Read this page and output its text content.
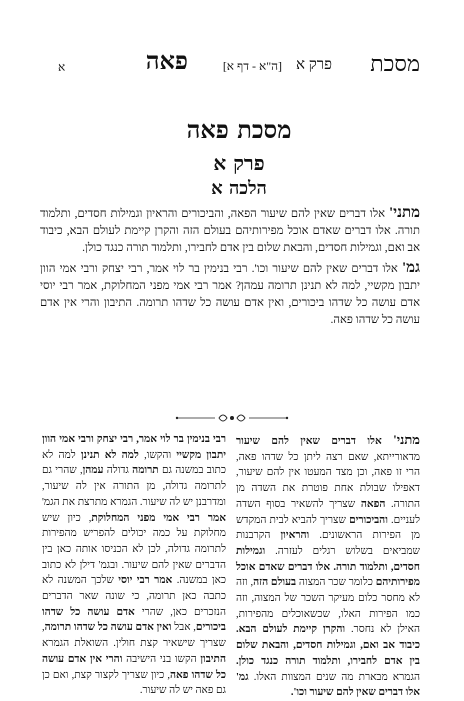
מסכת
פרק א
[ה"א - דף א]
פאה
א
מסכת פאה
פרק א
הלכה א

מתני' אלו דברים שאין להם שיעור הפאה, והביכורים והראיון וגמילות חסדים, ותלמוד תורה. אלו דברים שאדם אוכל מפירותיהם בעולם הזה והקרן קיימת לעולם הבא, כיבוד אב ואם, וגמילות חסדים, והבאת שלום בין אדם לחבירו, ותלמוד תורה כנגד כולן.

גמ' אלו דברים שאין להם שיעור וכו'. רבי בנימין בר לוי אמר, רבי יצחק ורבי אמי הוון יתבון מקשיי, למה לא תנינן תרומה עמהן? אמר רבי אמי מפני המחלוקת, אמר רבי יוסי אדם עושה כל שדהו ביכורים, ואין אדם עושה כל שדהו תרומה. התיבון והרי אין אדם עושה כל שדהו פאה.

מתני' אלו דברים שאין להם שיעור מדאורייתא, שאם רצה ליתן כל שדהו פאה, הרי זו פאה, וכן מצד המעטו אין להם שיעור, דאפילו שבולת אחת פוטרת את השדה מן התורה. הפאה שצריך להשאיר בסוף השדה לעניים. והביכורים שצריך להביא לבית המקדש מן הפירות הראשונים. והראיון הקרבנות שמביאים בשלוש רגלים לעזרה. וגמילות חסדים, ותלמוד תורה. אלו דברים שאדם אוכל מפירותיהם כלומר שכר המצוה בעולם הזה, וזה לא מחסר כלום מעיקר השכר של המצוה, וזה כמו הפירות האלו, שכשאוכלים מהפירות, האילן לא נחסר. והקרן קיימת לעולם הבא. כיבוד אב ואם, וגמילות חסדים, והבאת שלום בין אדם לחבירו, ותלמוד תורה כנגד כולן. הגמרא מבארת מה שנים המצוות האלו. גמ' אלו דברים שאין להם שיעור וכו'.

רבי בנימין בר לוי אמר, רבי יצחק ורבי אמי הוון יתבון מקשיי והקשו, למה לא תנינן למה לא כתוב במשנה גם תרומה גדולה עמהן, שהרי גם לתרומה גדולה, מן התורה אין לה שיעור, ומדרבנן יש לה שיעור. הגמרא מתרצת את הגמ' אמר רבי אמי מפני המחלוקת, כיון שיש מחלוקת על כמה יכולים להפריש מהפירות לתרומה גדולה, לכן לא הכניסו אותה כאן בין הדברים שאין להם שיעור. ובגמ' דילן לא כתוב כאן במשנה. אמר רבי יוסי שלכך המשנה לא כתבה כאן תרומה, כי שונה שאר הדברים הנזכרים כאן, שהרי אדם עושה כל שדהו ביכורים, אבל ואין אדם עושה כל שדהו תרומה, שצריך שישאיר קצת חולין. השואלת הגמרא התיבון הקשו בני הישיבה והרי אין אדם עושה כל שדהו פאה, כיון שצריך לקצור קצת, ואם כן גם פאה יש לה שיעור.
